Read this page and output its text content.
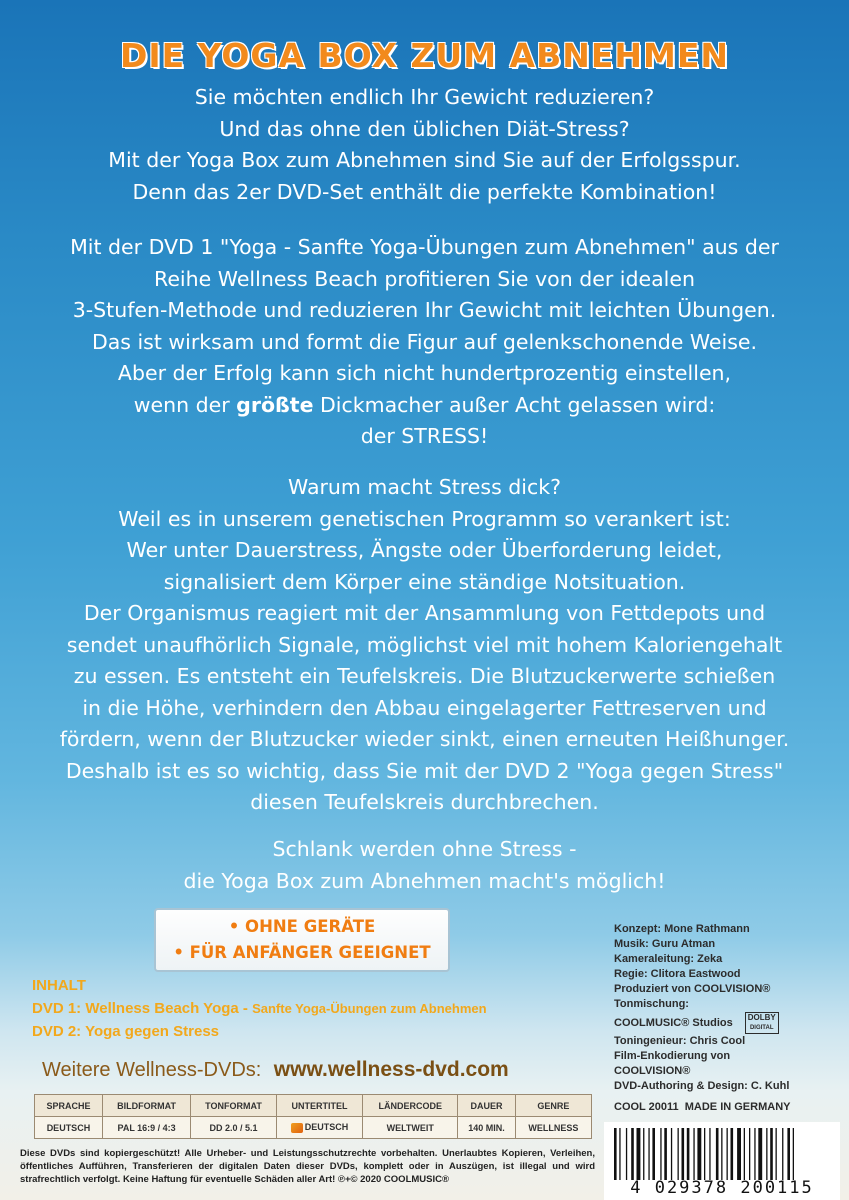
DIE YOGA BOX ZUM ABNEHMEN

Sie möchten endlich Ihr Gewicht reduzieren?

Und das ohne den üblichen Diät-Stress?

Mit der Yoga Box zum Abnehmen sind Sie auf der Erfolgsspur.

Denn das 2er DVD-Set enthält die perfekte Kombination!

Mit der DVD 1 "Yoga - Sanfte Yoga-Übungen zum Abnehmen" aus der

Reihe Wellness Beach profitieren Sie von der idealen

3-Stufen-Methode und reduzieren Ihr Gewicht mit leichten Übungen.

Das ist wirksam und formt die Figur auf gelenkschonende Weise.

Aber der Erfolg kann sich nicht hundertprozentig einstellen,

wenn der größte Dickmacher außer Acht gelassen wird:

der STRESS!

Warum macht Stress dick?

Weil es in unserem genetischen Programm so verankert ist:

Wer unter Dauerstress, Ängste oder Überforderung leidet,

signalisiert dem Körper eine ständige Notsituation.

Der Organismus reagiert mit der Ansammlung von Fettdepots und

sendet unaufhörlich Signale, möglichst viel mit hohem Kaloriengehalt

zu essen. Es entsteht ein Teufelskreis. Die Blutzuckerwerte schießen

in die Höhe, verhindern den Abbau eingelagerter Fettreserven und

fördern, wenn der Blutzucker wieder sinkt, einen erneuten Heißhunger.

Deshalb ist es so wichtig, dass Sie mit der DVD 2 "Yoga gegen Stress"

diesen Teufelskreis durchbrechen.

Schlank werden ohne Stress -

die Yoga Box zum Abnehmen macht's möglich!

• OHNE GERÄTE
• FÜR ANFÄNGER GEEIGNET
INHALT
DVD 1: Wellness Beach Yoga - Sanfte Yoga-Übungen zum Abnehmen
DVD 2: Yoga gegen Stress
Weitere Wellness-DVDs: www.wellness-dvd.com
SPRACHE	BILDFORMAT	TONFORMAT	UNTERTITEL	LÄNDERCODE	DAUER	GENRE
DEUTSCH	PAL 16:9 / 4:3	DD 2.0 / 5.1	DEUTSCH	WELTWEIT	140 MIN.	WELLNESS
Diese DVDs sind kopiergeschützt! Alle Urheber- und Leistungsschutzrechte vorbehalten. Unerlaubtes Kopieren, Verleihen, öffentliches Aufführen, Transferieren der digitalen Daten dieser DVDs, komplett oder in Auszügen, ist illegal und wird strafrechtlich verfolgt. Keine Haftung für eventuelle Schäden aller Art! ℗+© 2020 COOLMUSIC®
Konzept: Mone Rathmann
Musik: Guru Atman
Kameraleitung: Zeka
Regie: Clitora Eastwood
Produziert von COOLVISION®
Tonmischung:
COOLMUSIC® Studios DOLBY
DIGITAL
Toningenieur: Chris Cool
Film-Enkodierung von
COOLVISION®
DVD-Authoring & Design: C. Kuhl
COOL 20011 MADE IN GERMANY
4 029378 200115
